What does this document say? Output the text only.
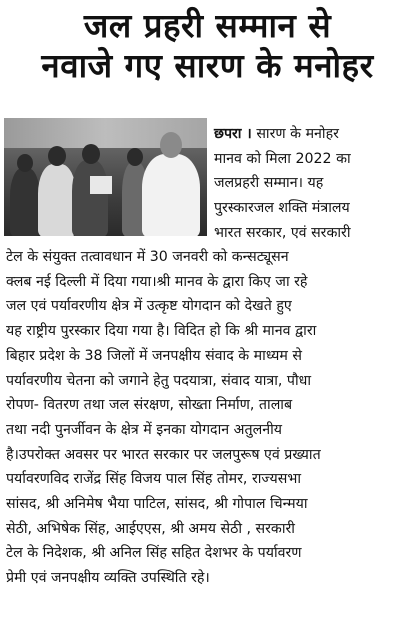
जल प्रहरी सम्मान से
नवाजे गए सारण के मनोहर
छपरा । सारण के मनोहर
मानव को मिला 2022 का
जलप्रहरी सम्मान। यह
पुरस्कारजल शक्ति मंत्रालय
भारत सरकार, एवं सरकारी
टेल के संयुक्त तत्वावधान में 30 जनवरी को कन्सट्यूसन
क्लब नई दिल्ली में दिया गया।श्री मानव के द्वारा किए जा रहे
जल एवं पर्यावरणीय क्षेत्र में उत्कृष्ट योगदान को देखते हुए
यह राष्ट्रीय पुरस्कार दिया गया है। विदित हो कि श्री मानव द्वारा
बिहार प्रदेश के 38 जिलों में जनपक्षीय संवाद के माध्यम से
पर्यावरणीय चेतना को जगाने हेतु पदयात्रा, संवाद यात्रा, पौधा
रोपण- वितरण तथा जल संरक्षण, सोख्ता निर्माण, तालाब
तथा नदी पुनर्जीवन के क्षेत्र में इनका योगदान अतुलनीय
है।उपरोक्त अवसर पर भारत सरकार पर जलपुरूष एवं प्रख्यात
पर्यावरणविद राजेंद्र सिंह विजय पाल सिंह तोमर, राज्यसभा
सांसद, श्री अनिमेष भैया पाटिल, सांसद, श्री गोपाल चिन्मया
सेठी, अभिषेक सिंह, आईएएस, श्री अमय सेठी , सरकारी
टेल के निदेशक, श्री अनिल सिंह सहित देशभर के पर्यावरण
प्रेमी एवं जनपक्षीय व्यक्ति उपस्थिति रहे।
